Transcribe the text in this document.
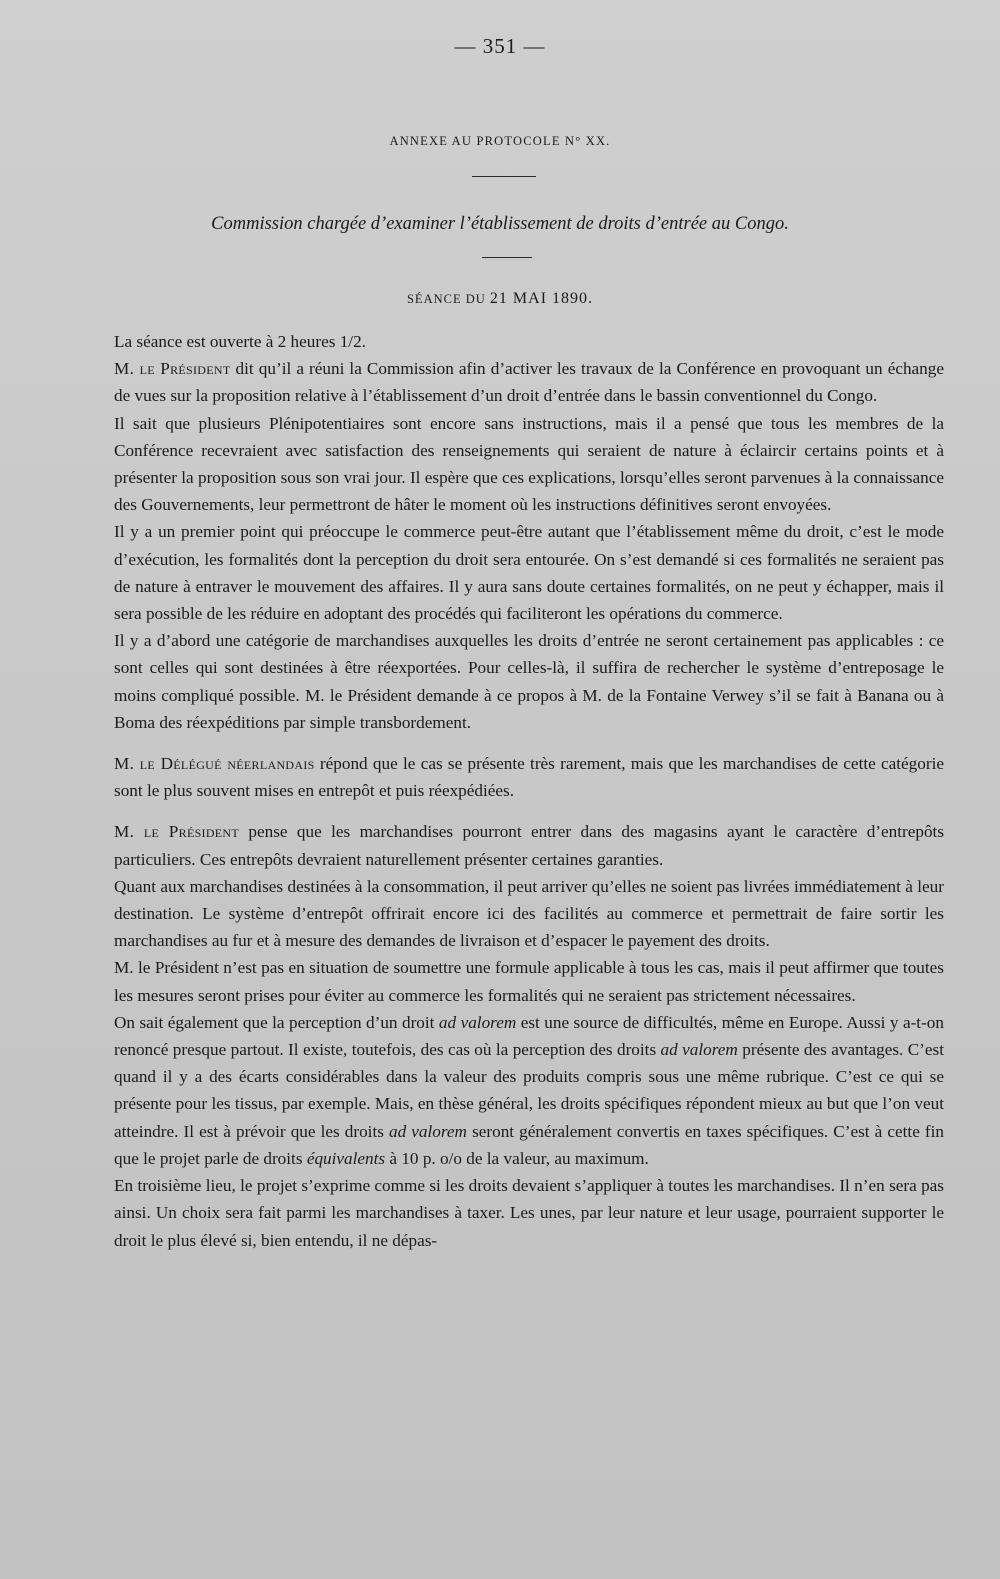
— 351 —
ANNEXE AU PROTOCOLE N° XX.
Commission chargée d’examiner l’établissement de droits d’entrée au Congo.
SÉANCE DU 21 MAI 1890.

La séance est ouverte à 2 heures 1/2.

M. le Président dit qu’il a réuni la Commission afin d’activer les travaux de la Conférence en provoquant un échange de vues sur la proposition relative à l’établissement d’un droit d’entrée dans le bassin conventionnel du Congo.

Il sait que plusieurs Plénipotentiaires sont encore sans instructions, mais il a pensé que tous les membres de la Conférence recevraient avec satisfaction des renseignements qui seraient de nature à éclaircir certains points et à présenter la proposition sous son vrai jour. Il espère que ces explications, lorsqu’elles seront parvenues à la connaissance des Gouvernements, leur permettront de hâter le moment où les instructions définitives seront envoyées.

Il y a un premier point qui préoccupe le commerce peut-être autant que l’établissement même du droit, c’est le mode d’exécution, les formalités dont la perception du droit sera entourée. On s’est demandé si ces formalités ne seraient pas de nature à entraver le mouvement des affaires. Il y aura sans doute certaines formalités, on ne peut y échapper, mais il sera possible de les réduire en adoptant des procédés qui faciliteront les opérations du commerce.

Il y a d’abord une catégorie de marchandises auxquelles les droits d’entrée ne seront certainement pas applicables : ce sont celles qui sont destinées à être réexportées. Pour celles-là, il suffira de rechercher le système d’entreposage le moins compliqué possible. M. le Président demande à ce propos à M. de la Fontaine Verwey s’il se fait à Banana ou à Boma des réexpéditions par simple transbordement.

M. le Délégué néerlandais répond que le cas se présente très rarement, mais que les marchandises de cette catégorie sont le plus souvent mises en entrepôt et puis réexpédiées.

M. le Président pense que les marchandises pourront entrer dans des magasins ayant le caractère d’entrepôts particuliers. Ces entrepôts devraient naturellement présenter certaines garanties.

Quant aux marchandises destinées à la consommation, il peut arriver qu’elles ne soient pas livrées immédiatement à leur destination. Le système d’entrepôt offrirait encore ici des facilités au commerce et permettrait de faire sortir les marchandises au fur et à mesure des demandes de livraison et d’espacer le payement des droits.

M. le Président n’est pas en situation de soumettre une formule applicable à tous les cas, mais il peut affirmer que toutes les mesures seront prises pour éviter au commerce les formalités qui ne seraient pas strictement nécessaires.

On sait également que la perception d’un droit ad valorem est une source de difficultés, même en Europe. Aussi y a-t-on renoncé presque partout. Il existe, toutefois, des cas où la perception des droits ad valorem présente des avantages. C’est quand il y a des écarts considérables dans la valeur des produits compris sous une même rubrique. C’est ce qui se présente pour les tissus, par exemple. Mais, en thèse général, les droits spécifiques répondent mieux au but que l’on veut atteindre. Il est à prévoir que les droits ad valorem seront généralement convertis en taxes spécifiques. C’est à cette fin que le projet parle de droits équivalents à 10 p. o/o de la valeur, au maximum.

En troisième lieu, le projet s’exprime comme si les droits devaient s’appliquer à toutes les marchandises. Il n’en sera pas ainsi. Un choix sera fait parmi les marchandises à taxer. Les unes, par leur nature et leur usage, pourraient supporter le droit le plus élevé si, bien entendu, il ne dépas-
